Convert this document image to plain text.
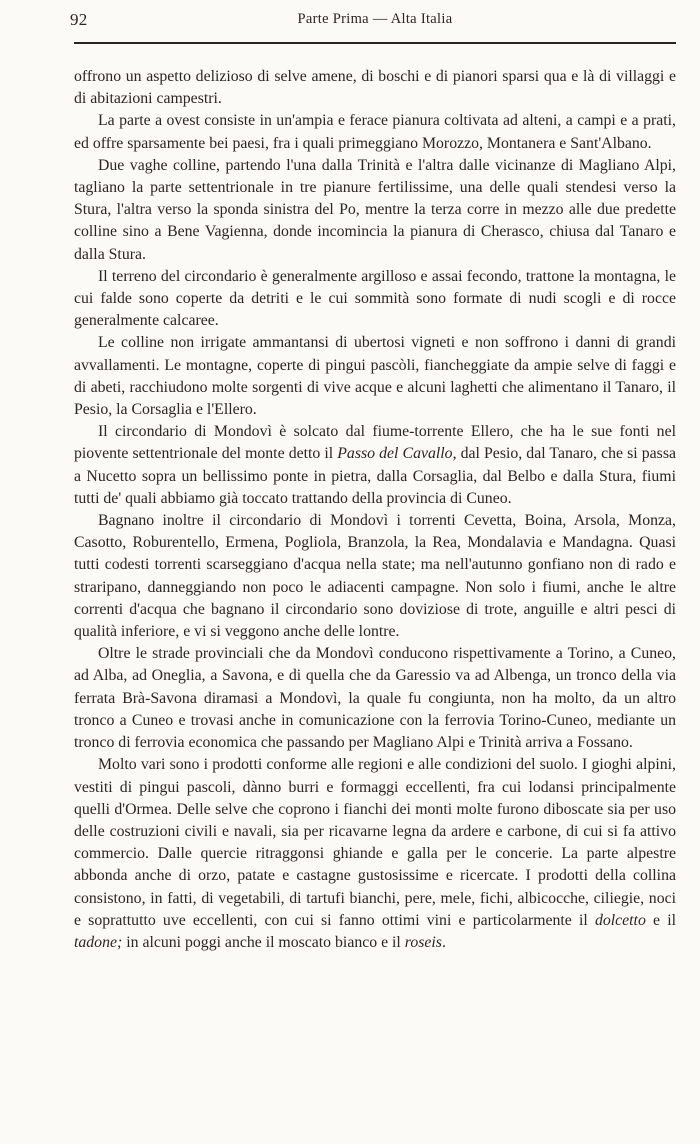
92	Parte Prima — Alta Italia

offrono un aspetto delizioso di selve amene, di boschi e di pianori sparsi qua e là di villaggi e di abitazioni campestri.

La parte a ovest consiste in un'ampia e ferace pianura coltivata ad alteni, a campi e a prati, ed offre sparsamente bei paesi, fra i quali primeggiano Morozzo, Montanera e Sant'Albano.

Due vaghe colline, partendo l'una dalla Trinità e l'altra dalle vicinanze di Magliano Alpi, tagliano la parte settentrionale in tre pianure fertilissime, una delle quali stendesi verso la Stura, l'altra verso la sponda sinistra del Po, mentre la terza corre in mezzo alle due predette colline sino a Bene Vagienna, donde incomincia la pianura di Cherasco, chiusa dal Tanaro e dalla Stura.

Il terreno del circondario è generalmente argilloso e assai fecondo, trattone la montagna, le cui falde sono coperte da detriti e le cui sommità sono formate di nudi scogli e di rocce generalmente calcaree.

Le colline non irrigate ammantansi di ubertosi vigneti e non soffrono i danni di grandi avvallamenti. Le montagne, coperte di pingui pascòli, fiancheggiate da ampie selve di faggi e di abeti, racchiudono molte sorgenti di vive acque e alcuni laghetti che alimentano il Tanaro, il Pesio, la Corsaglia e l'Ellero.

Il circondario di Mondovì è solcato dal fiume-torrente Ellero, che ha le sue fonti nel piovente settentrionale del monte detto il Passo del Cavallo, dal Pesio, dal Tanaro, che si passa a Nucetto sopra un bellissimo ponte in pietra, dalla Corsaglia, dal Belbo e dalla Stura, fiumi tutti de' quali abbiamo già toccato trattando della provincia di Cuneo.

Bagnano inoltre il circondario di Mondovì i torrenti Cevetta, Boina, Arsola, Monza, Casotto, Roburentello, Ermena, Pogliola, Branzola, la Rea, Mondalavia e Mandagna. Quasi tutti codesti torrenti scarseggiano d'acqua nella state; ma nell'autunno gonfiano non di rado e straripano, danneggiando non poco le adiacenti campagne. Non solo i fiumi, anche le altre correnti d'acqua che bagnano il circondario sono doviziose di trote, anguille e altri pesci di qualità inferiore, e vi si veggono anche delle lontre.

Oltre le strade provinciali che da Mondovì conducono rispettivamente a Torino, a Cuneo, ad Alba, ad Oneglia, a Savona, e di quella che da Garessio va ad Albenga, un tronco della via ferrata Brà-Savona diramasi a Mondovì, la quale fu congiunta, non ha molto, da un altro tronco a Cuneo e trovasi anche in comunicazione con la ferrovia Torino-Cuneo, mediante un tronco di ferrovia economica che passando per Magliano Alpi e Trinità arriva a Fossano.

Molto vari sono i prodotti conforme alle regioni e alle condizioni del suolo. I gioghi alpini, vestiti di pingui pascoli, dànno burri e formaggi eccellenti, fra cui lodansi principalmente quelli d'Ormea. Delle selve che coprono i fianchi dei monti molte furono diboscate sia per uso delle costruzioni civili e navali, sia per ricavarne legna da ardere e carbone, di cui si fa attivo commercio. Dalle quercie ritraggonsi ghiande e galla per le concerie. La parte alpestre abbonda anche di orzo, patate e castagne gustosissime e ricercate. I prodotti della collina consistono, in fatti, di vegetabili, di tartufi bianchi, pere, mele, fichi, albicocche, ciliegie, noci e soprattutto uve eccellenti, con cui si fanno ottimi vini e particolarmente il dolcetto e il tadone; in alcuni poggi anche il moscato bianco e il roseis.
